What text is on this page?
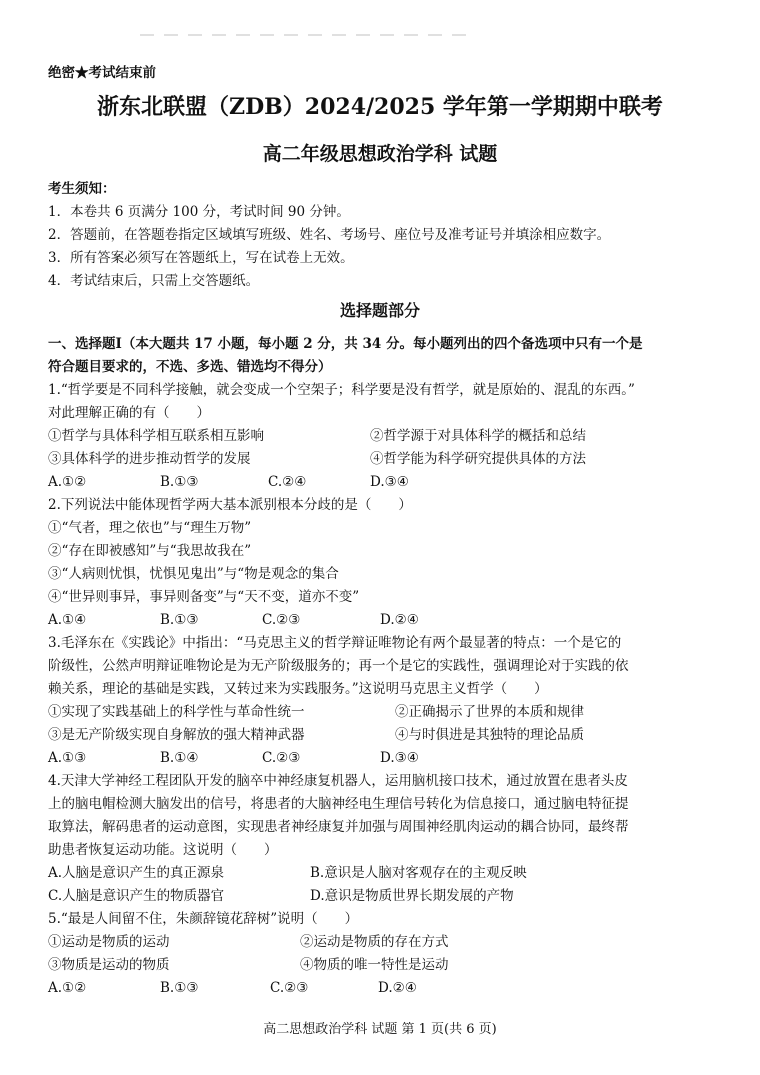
绝密★考试结束前
浙东北联盟（ZDB）2024/2025 学年第一学期期中联考
高二年级思想政治学科 试题
考生须知：
1．本卷共 6 页满分 100 分，考试时间 90 分钟。
2．答题前，在答题卷指定区域填写班级、姓名、考场号、座位号及准考证号并填涂相应数字。
3．所有答案必须写在答题纸上，写在试卷上无效。
4．考试结束后，只需上交答题纸。
选择题部分
一、选择题Ⅰ（本大题共 17 小题，每小题 2 分，共 34 分。每小题列出的四个备选项中只有一个是
符合题目要求的，不选、多选、错选均不得分）
1.“哲学要是不同科学接触，就会变成一个空架子；科学要是没有哲学，就是原始的、混乱的东西。”
对此理解正确的有（　　）
①哲学与具体科学相互联系相互影响	②哲学源于对具体科学的概括和总结
③具体科学的进步推动哲学的发展	④哲学能为科学研究提供具体的方法
A.①②	B.①③	C.②④	D.③④
2.下列说法中能体现哲学两大基本派别根本分歧的是（　　）
①“气者，理之依也”与“理生万物”
②“存在即被感知”与“我思故我在”
③“人病则忧惧，忧惧见鬼出”与“物是观念的集合
④“世异则事异，事异则备变”与“天不变，道亦不变”
A.①④	B.①③	C.②③	D.②④
3.毛泽东在《实践论》中指出：“马克思主义的哲学辩证唯物论有两个最显著的特点：一个是它的
阶级性，公然声明辩证唯物论是为无产阶级服务的；再一个是它的实践性，强调理论对于实践的依
赖关系，理论的基础是实践，又转过来为实践服务。”这说明马克思主义哲学（　　）
①实现了实践基础上的科学性与革命性统一	②正确揭示了世界的本质和规律
③是无产阶级实现自身解放的强大精神武器	④与时俱进是其独特的理论品质
A.①③	B.①④	C.②③	D.③④
4.天津大学神经工程团队开发的脑卒中神经康复机器人，运用脑机接口技术，通过放置在患者头皮
上的脑电帽检测大脑发出的信号，将患者的大脑神经电生理信号转化为信息接口，通过脑电特征提
取算法，解码患者的运动意图，实现患者神经康复并加强与周围神经肌肉运动的耦合协同，最终帮
助患者恢复运动功能。这说明（　　）
A.人脑是意识产生的真正源泉	B.意识是人脑对客观存在的主观反映
C.人脑是意识产生的物质器官	D.意识是物质世界长期发展的产物
5.“最是人间留不住，朱颜辞镜花辞树”说明（　　）
①运动是物质的运动	②运动是物质的存在方式
③物质是运动的物质	④物质的唯一特性是运动
A.①②	B.①③	C.②③	D.②④
高二思想政治学科 试题 第 1 页(共 6 页)
